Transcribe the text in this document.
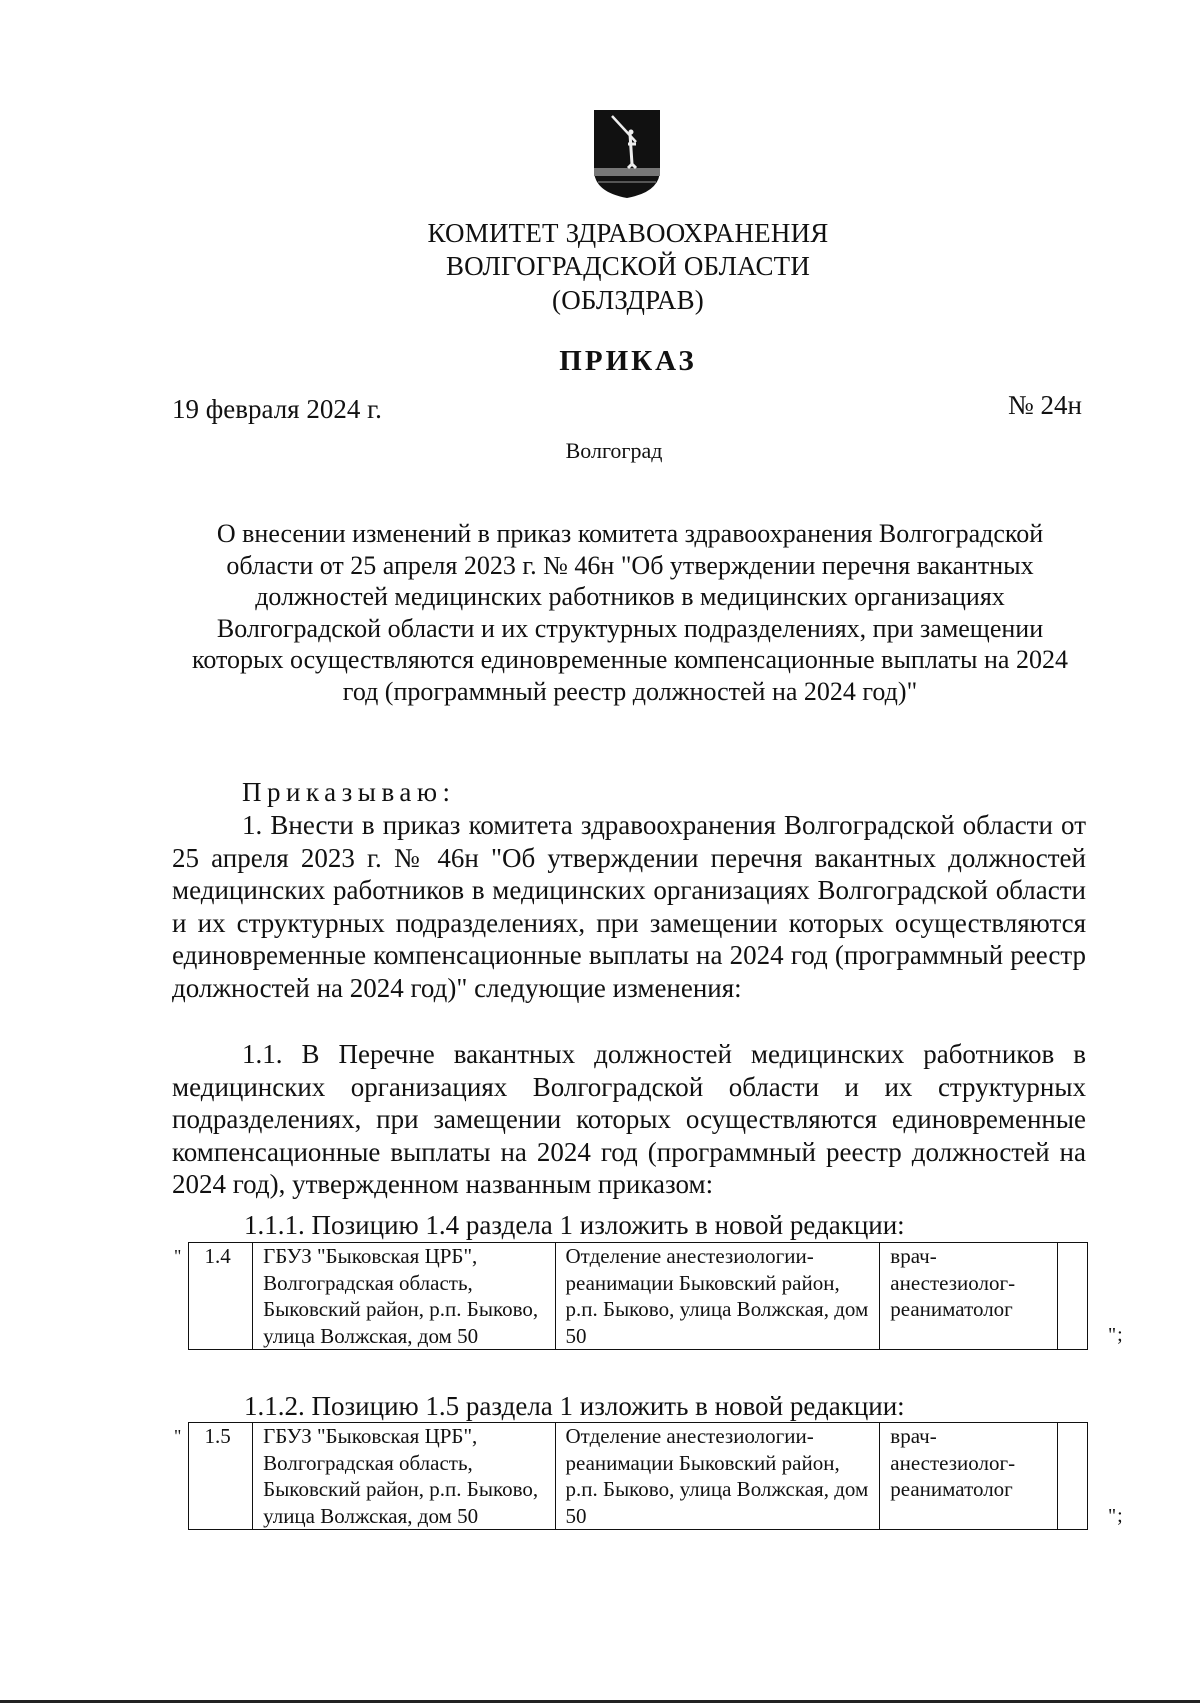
КОМИТЕТ ЗДРАВООХРАНЕНИЯ
ВОЛГОГРАДСКОЙ ОБЛАСТИ
(ОБЛЗДРАВ)
ПРИКАЗ
19 февраля 2024 г.	№ 24н
Волгоград
О внесении изменений в приказ комитета здравоохранения Волгоградской области от 25 апреля 2023 г. № 46н "Об утверждении перечня вакантных должностей медицинских работников в медицинских организациях Волгоградской области и их структурных подразделениях, при замещении которых осуществляются единовременные компенсационные выплаты на 2024 год (программный реестр должностей на 2024 год)"
Приказываю:
1. Внести в приказ комитета здравоохранения Волгоградской области от 25 апреля 2023 г. № 46н "Об утверждении перечня вакантных должностей медицинских работников в медицинских организациях Волгоградской области и их структурных подразделениях, при замещении которых осуществляются единовременные компенсационные выплаты на 2024 год (программный реестр должностей на 2024 год)" следующие изменения:
1.1. В Перечне вакантных должностей медицинских работников в медицинских организациях Волгоградской области и их структурных подразделениях, при замещении которых осуществляются единовременные компенсационные выплаты на 2024 год (программный реестр должностей на 2024 год), утвержденном названным приказом:
1.1.1. Позицию 1.4 раздела 1 изложить в новой редакции:
" 1.4	ГБУЗ "Быковская ЦРБ", Волгоградская область, Быковский район, р.п. Быково, улица Волжская, дом 50	Отделение анестезиологии-реанимации Быковский район, р.п. Быково, улица Волжская, дом 50	врач-анестезиолог-реаниматолог	
";
1.1.2. Позицию 1.5 раздела 1 изложить в новой редакции:
" 1.5	ГБУЗ "Быковская ЦРБ", Волгоградская область, Быковский район, р.п. Быково, улица Волжская, дом 50	Отделение анестезиологии-реанимации Быковский район, р.п. Быково, улица Волжская, дом 50	врач-анестезиолог-реаниматолог	
";
